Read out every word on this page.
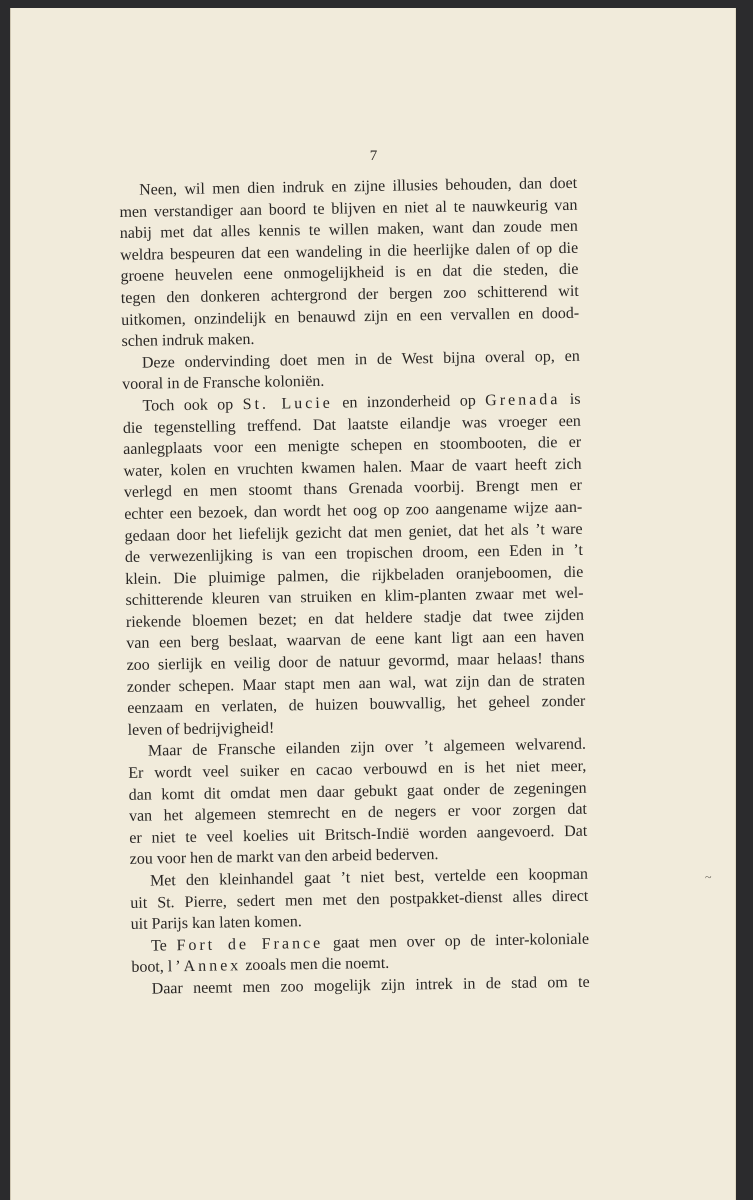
7
Neen, wil men dien indruk en zijne illusies behouden, dan doet
men verstandiger aan boord te blijven en niet al te nauwkeurig van
nabij met dat alles kennis te willen maken, want dan zoude men
weldra bespeuren dat een wandeling in die heerlijke dalen of op die
groene heuvelen eene onmogelijkheid is en dat die steden, die
tegen den donkeren achtergrond der bergen zoo schitterend wit
uitkomen, onzindelijk en benauwd zijn en een vervallen en dood-
schen indruk maken.
Deze ondervinding doet men in de West bijna overal op, en
vooral in de Fransche koloniën.
Toch ook op St. Lucie en inzonderheid op Grenada is
die tegenstelling treffend. Dat laatste eilandje was vroeger een
aanlegplaats voor een menigte schepen en stoombooten, die er
water, kolen en vruchten kwamen halen. Maar de vaart heeft zich
verlegd en men stoomt thans Grenada voorbij. Brengt men er
echter een bezoek, dan wordt het oog op zoo aangename wijze aan-
gedaan door het liefelijk gezicht dat men geniet, dat het als ’t ware
de verwezenlijking is van een tropischen droom, een Eden in ’t
klein. Die pluimige palmen, die rijkbeladen oranjeboomen, die
schitterende kleuren van struiken en klim-planten zwaar met wel-
riekende bloemen bezet; en dat heldere stadje dat twee zijden
van een berg beslaat, waarvan de eene kant ligt aan een haven
zoo sierlijk en veilig door de natuur gevormd, maar helaas! thans
zonder schepen. Maar stapt men aan wal, wat zijn dan de straten
eenzaam en verlaten, de huizen bouwvallig, het geheel zonder
leven of bedrijvigheid!
Maar de Fransche eilanden zijn over ’t algemeen welvarend.
Er wordt veel suiker en cacao verbouwd en is het niet meer,
dan komt dit omdat men daar gebukt gaat onder de zegeningen
van het algemeen stemrecht en de negers er voor zorgen dat
er niet te veel koelies uit Britsch-Indië worden aangevoerd. Dat
zou voor hen de markt van den arbeid bederven.
Met den kleinhandel gaat ’t niet best, vertelde een koopman
uit St. Pierre, sedert men met den postpakket-dienst alles direct
uit Parijs kan laten komen.
Te Fort de France gaat men over op de inter-koloniale
boot, l’Annex zooals men die noemt.
Daar neemt men zoo mogelijk zijn intrek in de stad om te
~
